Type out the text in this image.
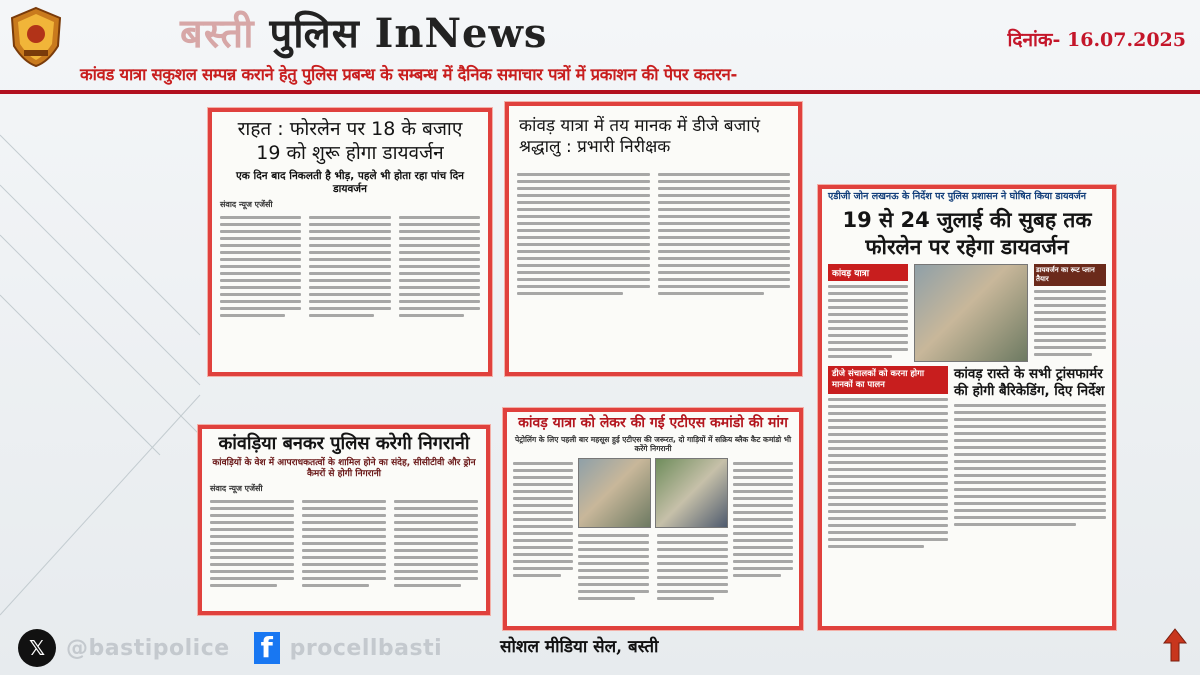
बस्ती पुलिस InNews	दिनांक- 16.07.2025
कांवड यात्रा सकुशल सम्पन्न कराने हेतु पुलिस प्रबन्ध के सम्बन्ध में दैनिक समाचार पत्रों में प्रकाशन की पेपर कतरन-
राहत : फोरलेन पर 18 के बजाए 19 को शुरू होगा डायवर्जन
एक दिन बाद निकलती है भीड़, पहले भी होता रहा पांच दिन डायवर्जन
संवाद न्यूज एजेंसी
कांवड़ यात्रा में तय मानक में डीजे बजाएं श्रद्धालु : प्रभारी निरीक्षक
एडीजी जोन लखनऊ के निर्देश पर पुलिस प्रशासन ने घोषित किया डायवर्जन
19 से 24 जुलाई की सुबह तक फोरलेन पर रहेगा डायवर्जन
कांवड़ यात्रा	डायवर्जन का रूट प्लान तैयार
डीजे संचालकों को करना होगा मानकों का पालन
कांवड़ रास्ते के सभी ट्रांसफार्मर की होगी बैरिकेडिंग, दिए निर्देश
कांवड़िया बनकर पुलिस करेगी निगरानी
कांवड़ियों के वेश में आपराधकतत्वों के शामिल होने का संदेह, सीसीटीवी और ड्रोन कैमरों से होगी निगरानी
संवाद न्यूज एजेंसी
कांवड़ यात्रा को लेकर की गई एटीएस कमांडो की मांग
पेट्रोलिंग के लिए पहली बार महसूस हुई एटीएस की जरूरत, दो गाड़ियों में सक्रिय ब्लैक कैट कमांडो भी करेंगे निगरानी
𝕏 @bastipolice f procellbasti	सोशल मीडिया सेल, बस्ती
